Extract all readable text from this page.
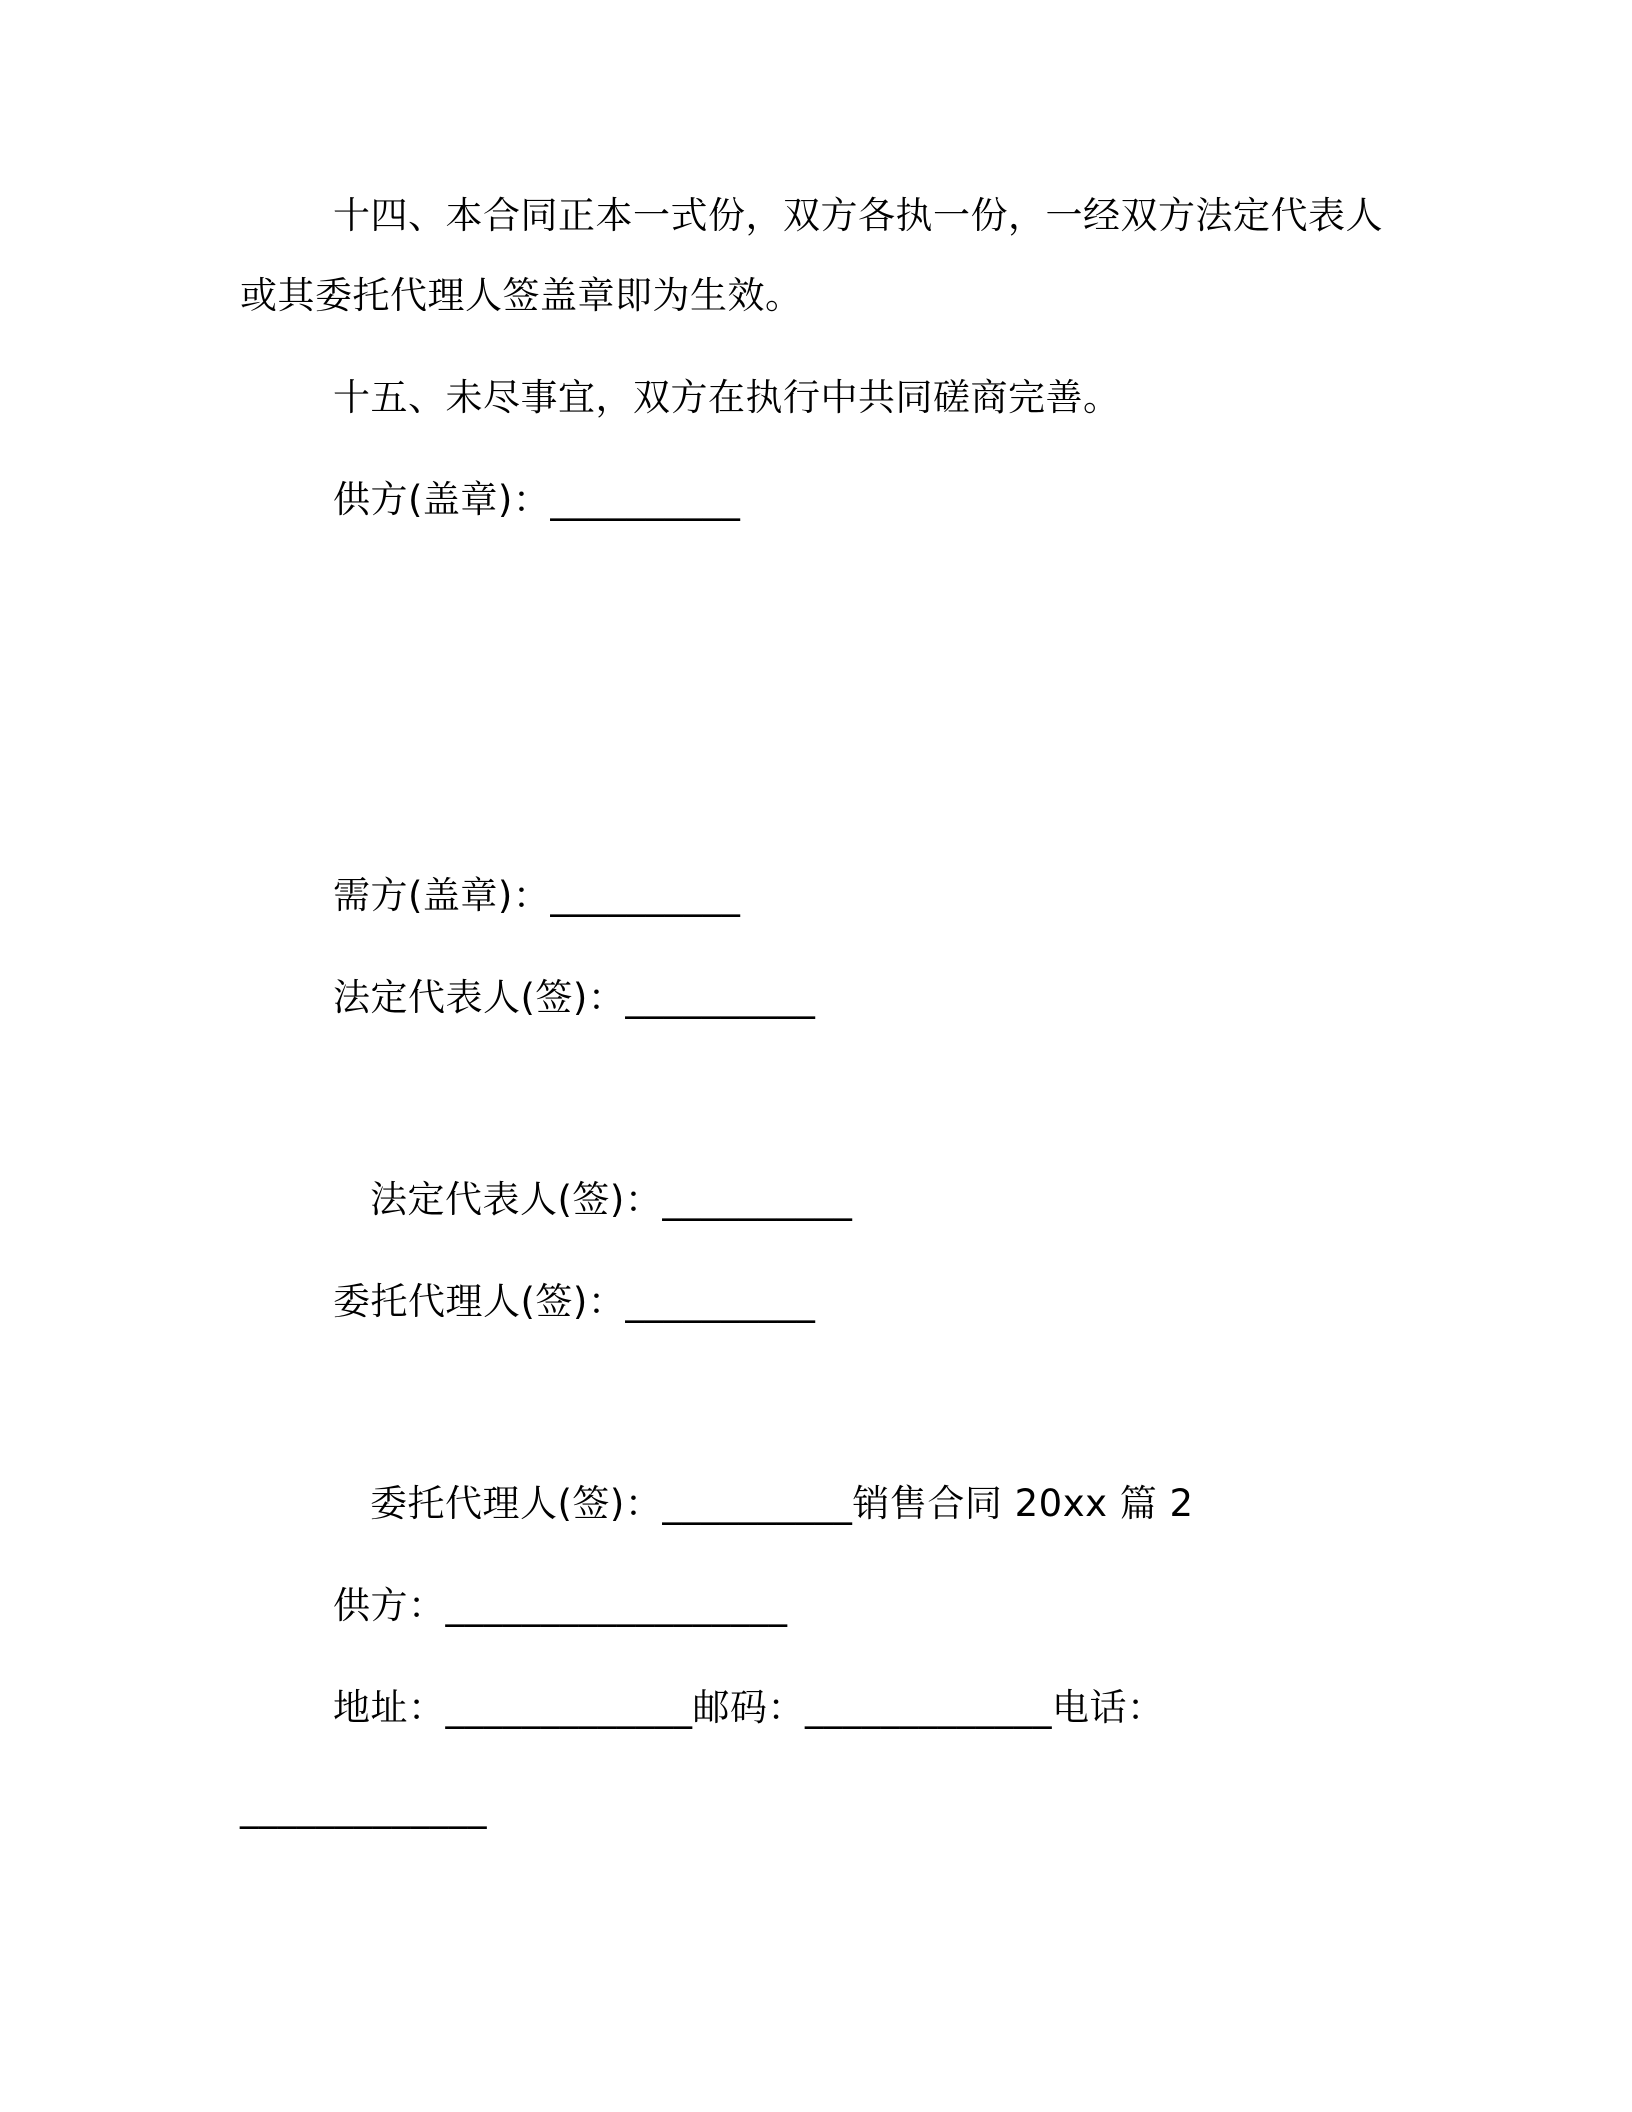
十四、本合同正本一式份，双方各执一份，一经双方法定代表人
或其委托代理人签盖章即为生效。
十五、未尽事宜，双方在执行中共同磋商完善。
供方(盖章)：__________
需方(盖章)：__________
法定代表人(签)：__________
法定代表人(签)：__________
委托代理人(签)：__________
委托代理人(签)：__________销售合同 20xx 篇 2
供方：__________________
地址：_____________邮码：_____________电话：
_____________
